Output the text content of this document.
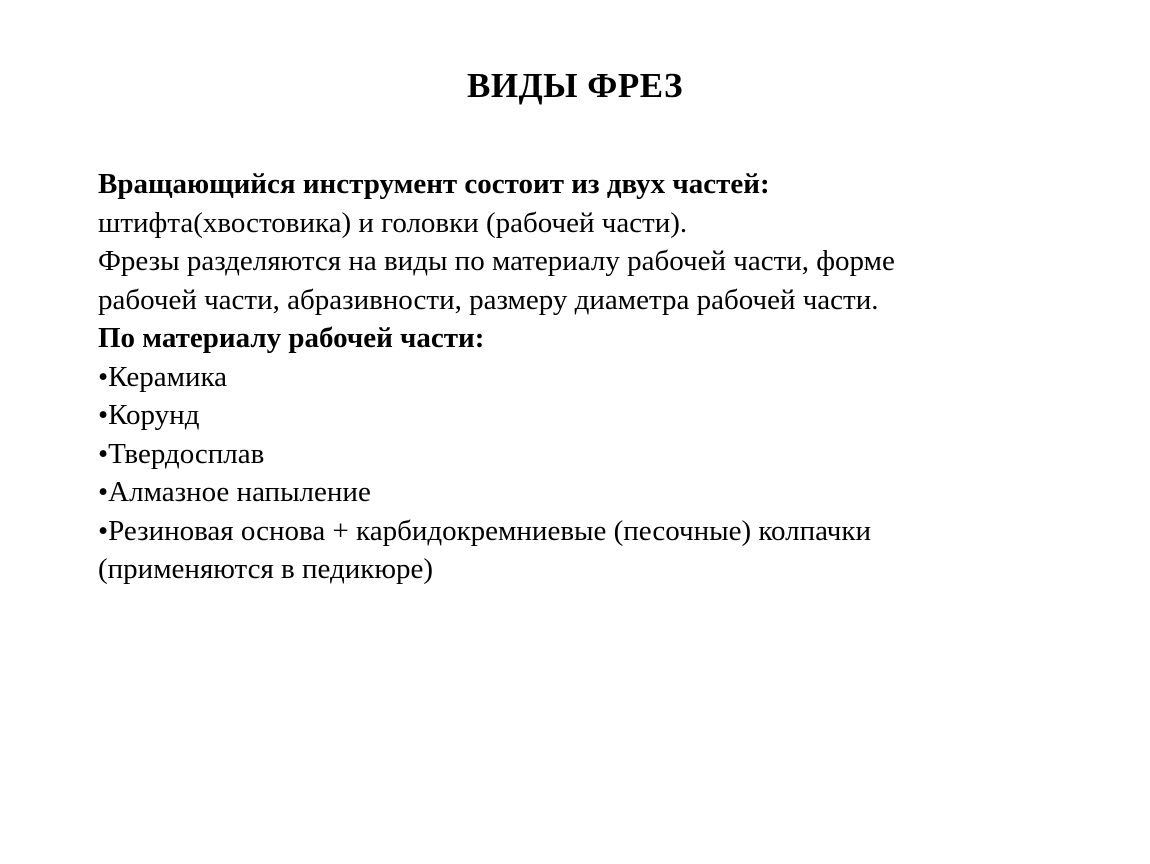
ВИДЫ ФРЕЗ
Вращающийся инструмент состоит из двух частей:
штифта(хвостовика) и головки (рабочей части).
Фрезы разделяются на виды по материалу рабочей части, форме
рабочей части, абразивности, размеру диаметра рабочей части.
По материалу рабочей части:
•Керамика
•Корунд
•Твердосплав
•Алмазное напыление
•Резиновая основа + карбидокремниевые (песочные) колпачки
(применяются в педикюре)
